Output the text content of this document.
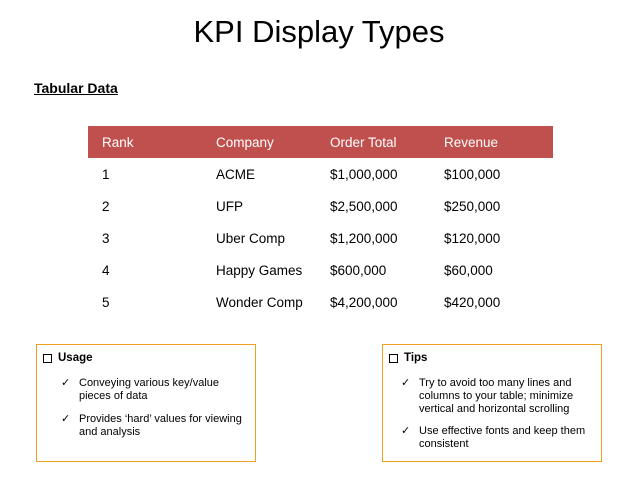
KPI Display Types
Tabular Data
Rank	Company	Order Total	Revenue
1	ACME	$1,000,000	$100,000
2	UFP	$2,500,000	$250,000
3	Uber Comp	$1,200,000	$120,000
4	Happy Games	$600,000	$60,000
5	Wonder Comp	$4,200,000	$420,000
Usage
✓ Conveying various key/value pieces of data
✓ Provides ‘hard’ values for viewing and analysis
Tips
✓ Try to avoid too many lines and columns to your table; minimize vertical and horizontal scrolling
✓ Use effective fonts and keep them consistent
